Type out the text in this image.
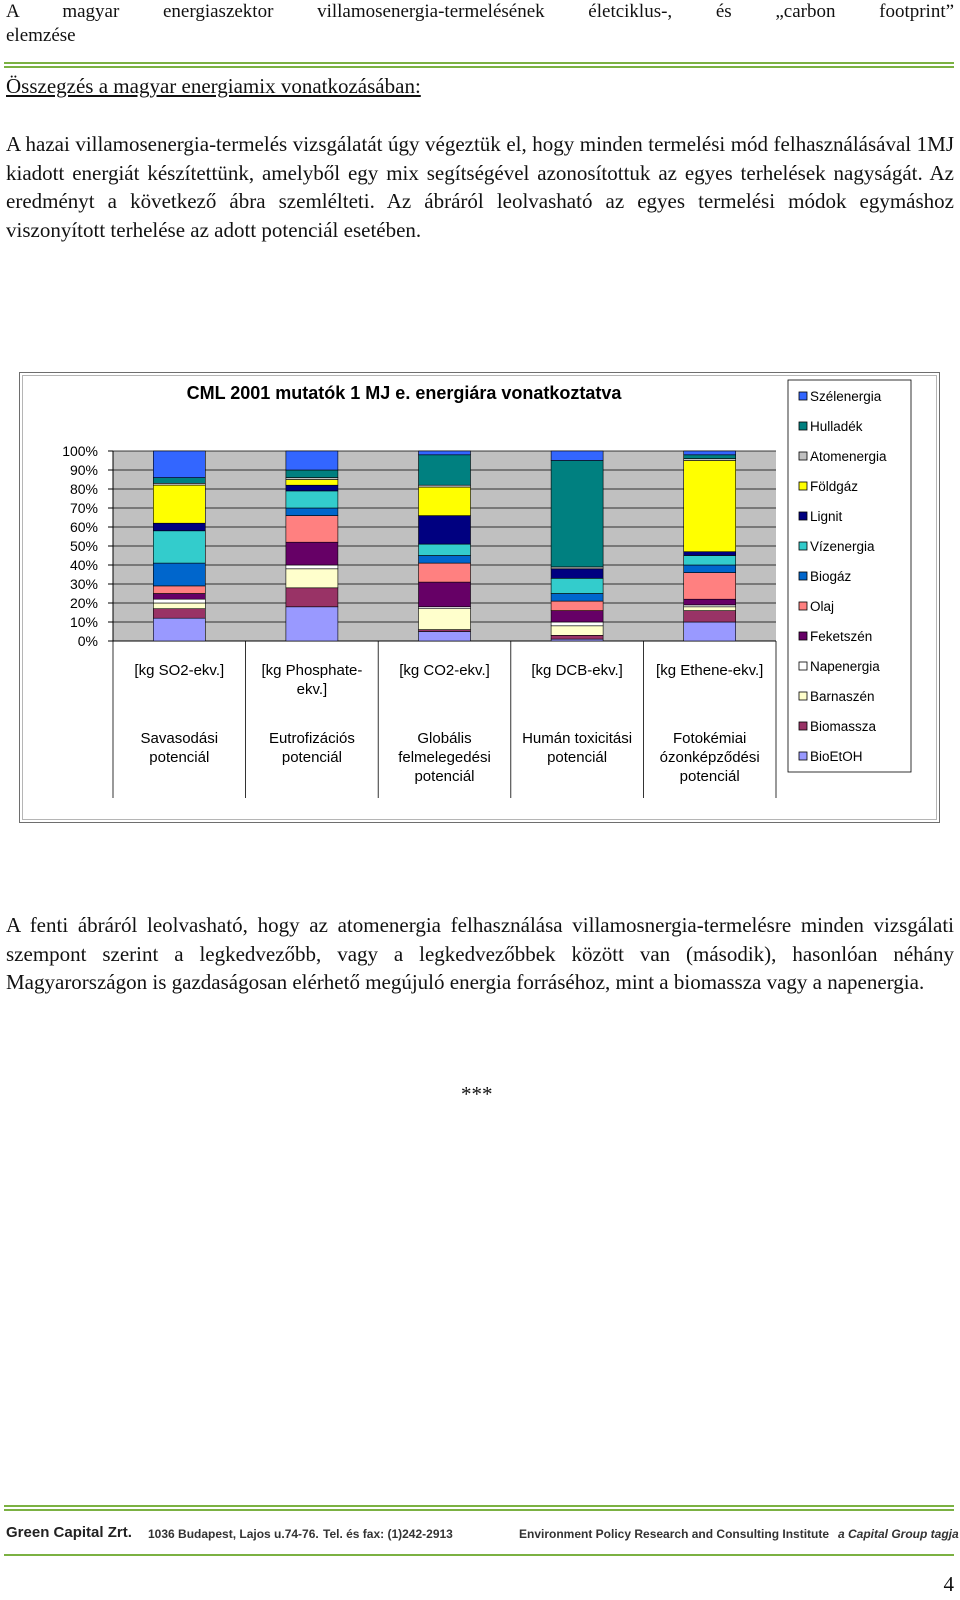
A magyar energiaszektor villamosenergia-termelésének életciklus-, és „carbon footprint”
elemzése
Összegzés a magyar energiamix vonatkozásában:

A hazai villamosenergia-termelés vizsgálatát úgy végeztük el, hogy minden termelési mód felhasználásával 1MJ kiadott energiát készítettünk, amelyből egy mix segítségével azonosítottuk az egyes terhelések nagyságát. Az eredményt a következő ábra szemlélteti. Az ábráról leolvasható az egyes termelési módok egymáshoz viszonyított terhelése az adott potenciál esetében.

CML 2001 mutatók 1 MJ e. energiára vonatkoztatva
0%
10%
20%
30%
40%
50%
60%
70%
80%
90%
100%
[kg SO2-ekv.]
Savasodási
potenciál
[kg Phosphate-
ekv.]
Eutrofizációs
potenciál
[kg CO2-ekv.]
Globális
felmelegedési
potenciál
[kg DCB-ekv.]
Humán toxicitási
potenciál
[kg Ethene-ekv.]
Fotokémiai
ózonképződési
potenciál
Szélenergia
Hulladék
Atomenergia
Földgáz
Lignit
Vízenergia
Biogáz
Olaj
Feketszén
Napenergia
Barnaszén
Biomassza
BioEtOH

A fenti ábráról leolvasható, hogy az atomenergia felhasználása villamosnergia-termelésre minden vizsgálati szempont szerint a legkedvezőbb, vagy a legkedvezőbbek között van (második), hasonlóan néhány Magyarországon is gazdaságosan elérhető megújuló energia forráséhoz, mint a biomassza vagy a napenergia.

***
Green Capital Zrt. 1036 Budapest, Lajos u.74-76. Tel. és fax: (1)242-2913	Environment Policy Research and Consulting Institute a Capital Group tagja
4
